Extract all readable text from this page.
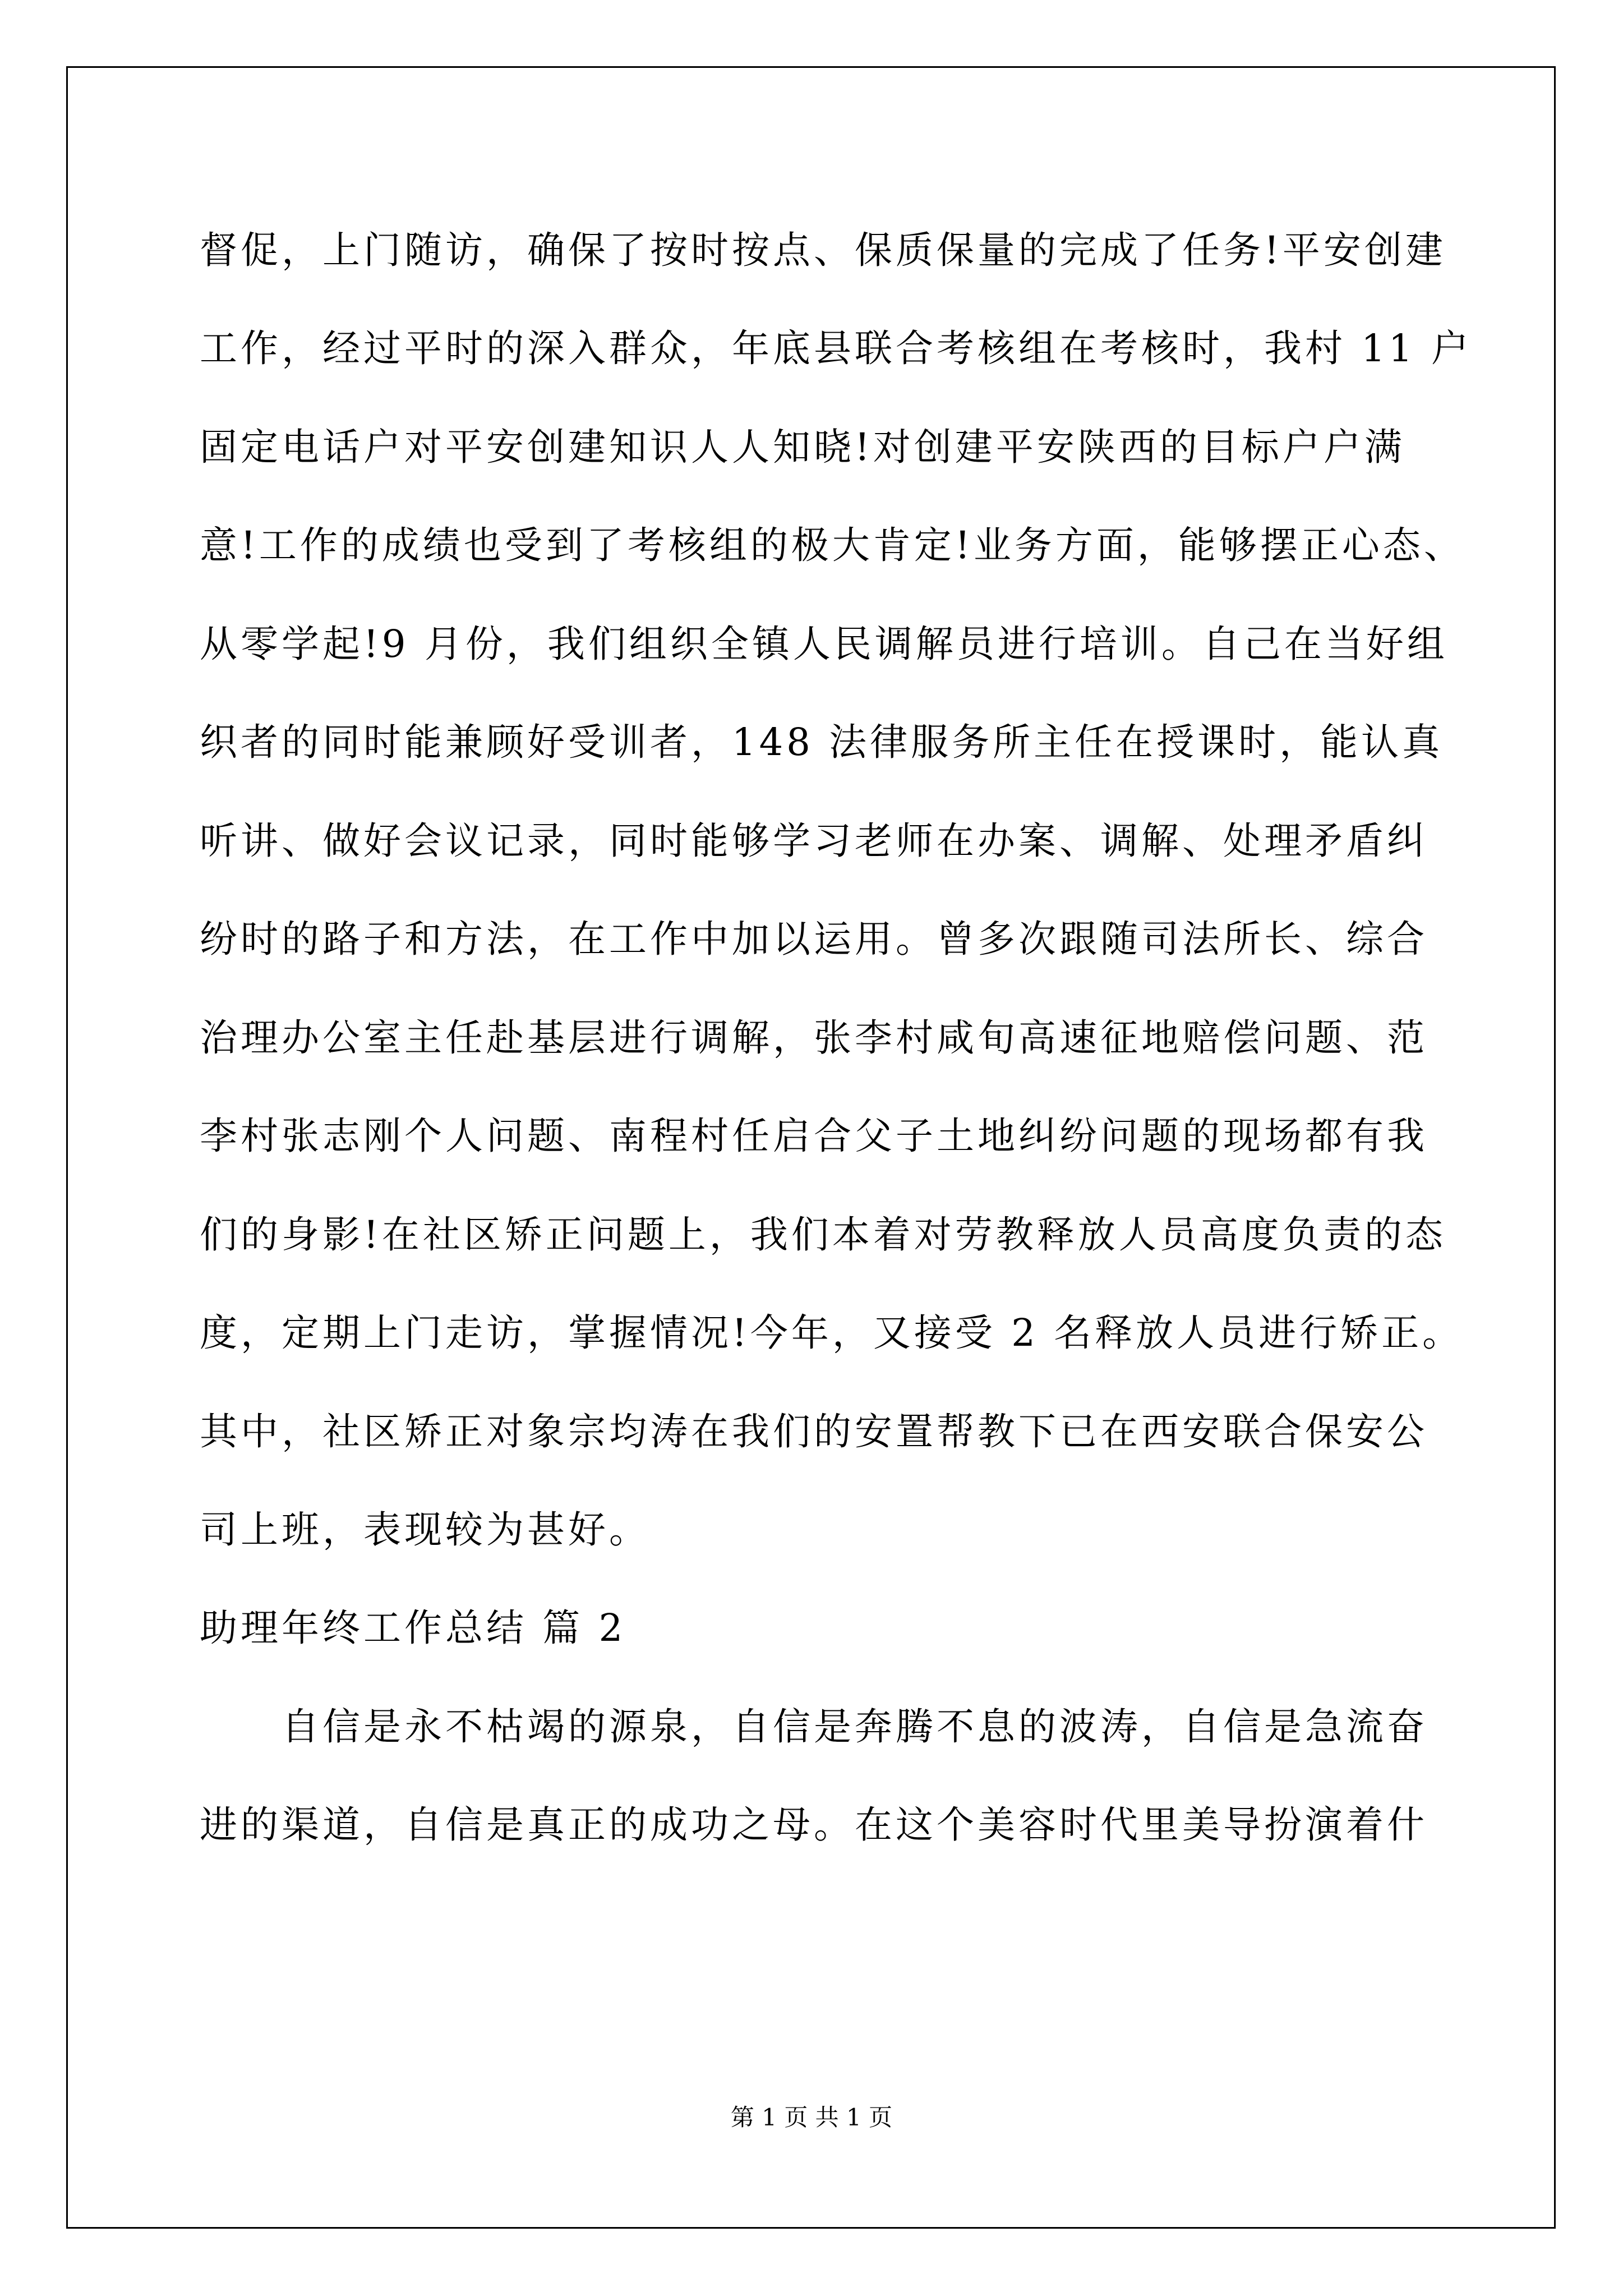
督促，上门随访，确保了按时按点、保质保量的完成了任务!平安创建
工作，经过平时的深入群众，年底县联合考核组在考核时，我村 11 户
固定电话户对平安创建知识人人知晓!对创建平安陕西的目标户户满
意!工作的成绩也受到了考核组的极大肯定!业务方面，能够摆正心态、
从零学起!9 月份，我们组织全镇人民调解员进行培训。自己在当好组
织者的同时能兼顾好受训者，148 法律服务所主任在授课时，能认真
听讲、做好会议记录，同时能够学习老师在办案、调解、处理矛盾纠
纷时的路子和方法，在工作中加以运用。曾多次跟随司法所长、综合
治理办公室主任赴基层进行调解，张李村咸旬高速征地赔偿问题、范
李村张志刚个人问题、南程村任启合父子土地纠纷问题的现场都有我
们的身影!在社区矫正问题上，我们本着对劳教释放人员高度负责的态
度，定期上门走访，掌握情况!今年，又接受 2 名释放人员进行矫正。
其中，社区矫正对象宗均涛在我们的安置帮教下已在西安联合保安公
司上班，表现较为甚好。
助理年终工作总结 篇 2
自信是永不枯竭的源泉，自信是奔腾不息的波涛，自信是急流奋
进的渠道，自信是真正的成功之母。在这个美容时代里美导扮演着什
第 1 页 共 1 页
